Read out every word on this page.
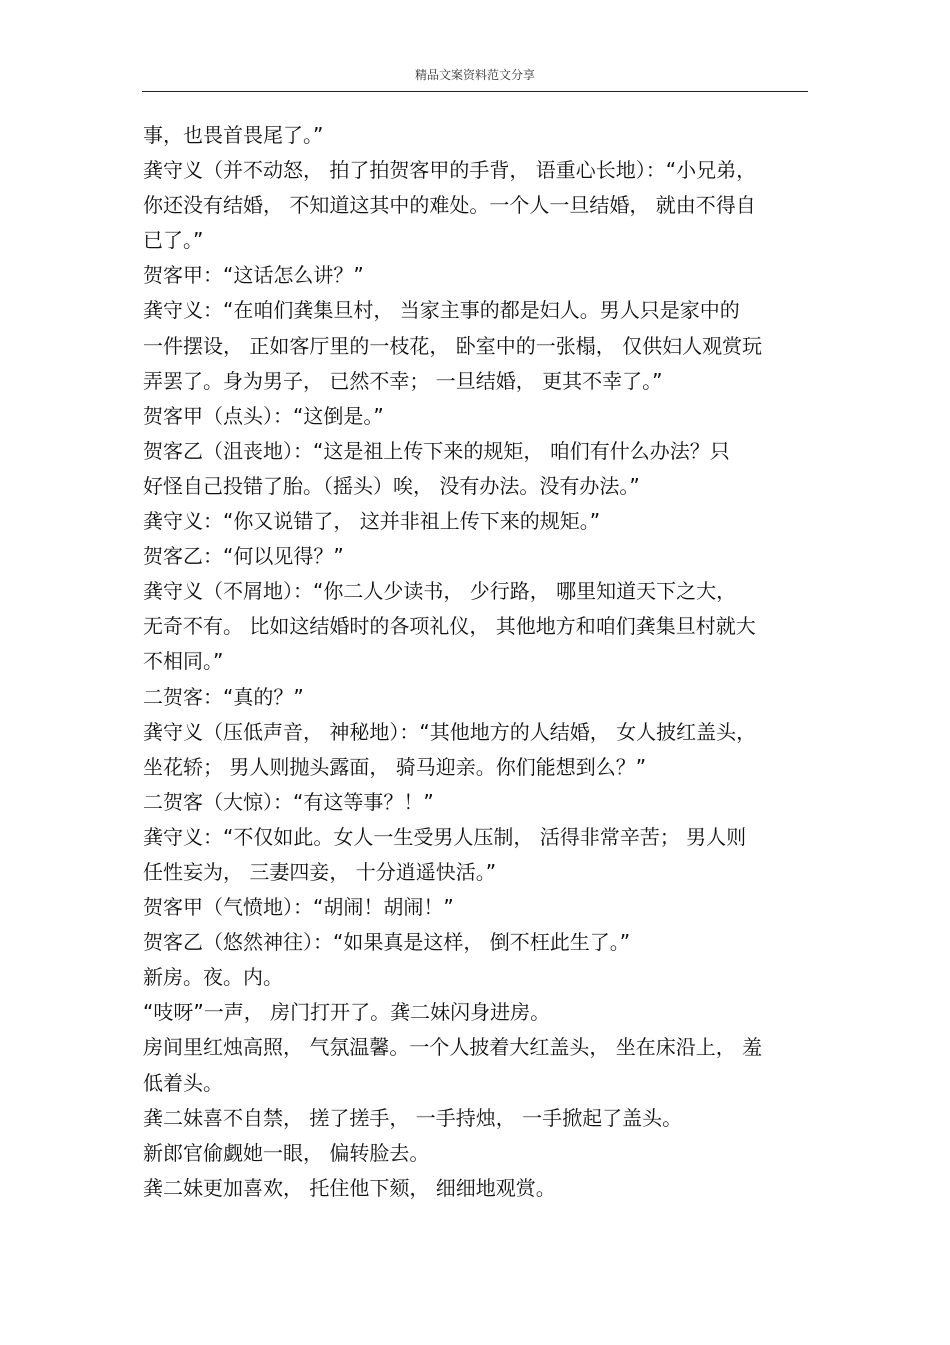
精品文案资料范文分享
事，也畏首畏尾了。”
龚守义（并不动怒， 拍了拍贺客甲的手背， 语重心长地）：“小兄弟，
你还没有结婚， 不知道这其中的难处。一个人一旦结婚， 就由不得自
已了。”
贺客甲：“这话怎么讲？”
龚守义：“在咱们龚集旦村， 当家主事的都是妇人。男人只是家中的
一件摆设， 正如客厅里的一枝花， 卧室中的一张榻， 仅供妇人观赏玩
弄罢了。身为男子， 已然不幸； 一旦结婚， 更其不幸了。”
贺客甲（点头）：“这倒是。”
贺客乙（沮丧地）：“这是祖上传下来的规矩， 咱们有什么办法？只
好怪自己投错了胎。（摇头）唉， 没有办法。没有办法。”
龚守义：“你又说错了， 这并非祖上传下来的规矩。”
贺客乙：“何以见得？”
龚守义（不屑地）：“你二人少读书， 少行路， 哪里知道天下之大，
无奇不有。 比如这结婚时的各项礼仪， 其他地方和咱们龚集旦村就大
不相同。”
二贺客：“真的？”
龚守义（压低声音， 神秘地）：“其他地方的人结婚， 女人披红盖头，
坐花轿； 男人则抛头露面， 骑马迎亲。你们能想到么？”
二贺客（大惊）：“有这等事？！”
龚守义：“不仅如此。女人一生受男人压制， 活得非常辛苦； 男人则
任性妄为， 三妻四妾， 十分逍遥快活。”
贺客甲（气愤地）：“胡闹！胡闹！”
贺客乙（悠然神往）：“如果真是这样， 倒不枉此生了。”
新房。夜。内。
“吱呀”一声， 房门打开了。龚二妹闪身进房。
房间里红烛高照， 气氛温馨。一个人披着大红盖头， 坐在床沿上， 羞
低着头。
龚二妹喜不自禁， 搓了搓手， 一手持烛， 一手掀起了盖头。
新郎官偷觑她一眼， 偏转脸去。
龚二妹更加喜欢， 托住他下颏， 细细地观赏。
